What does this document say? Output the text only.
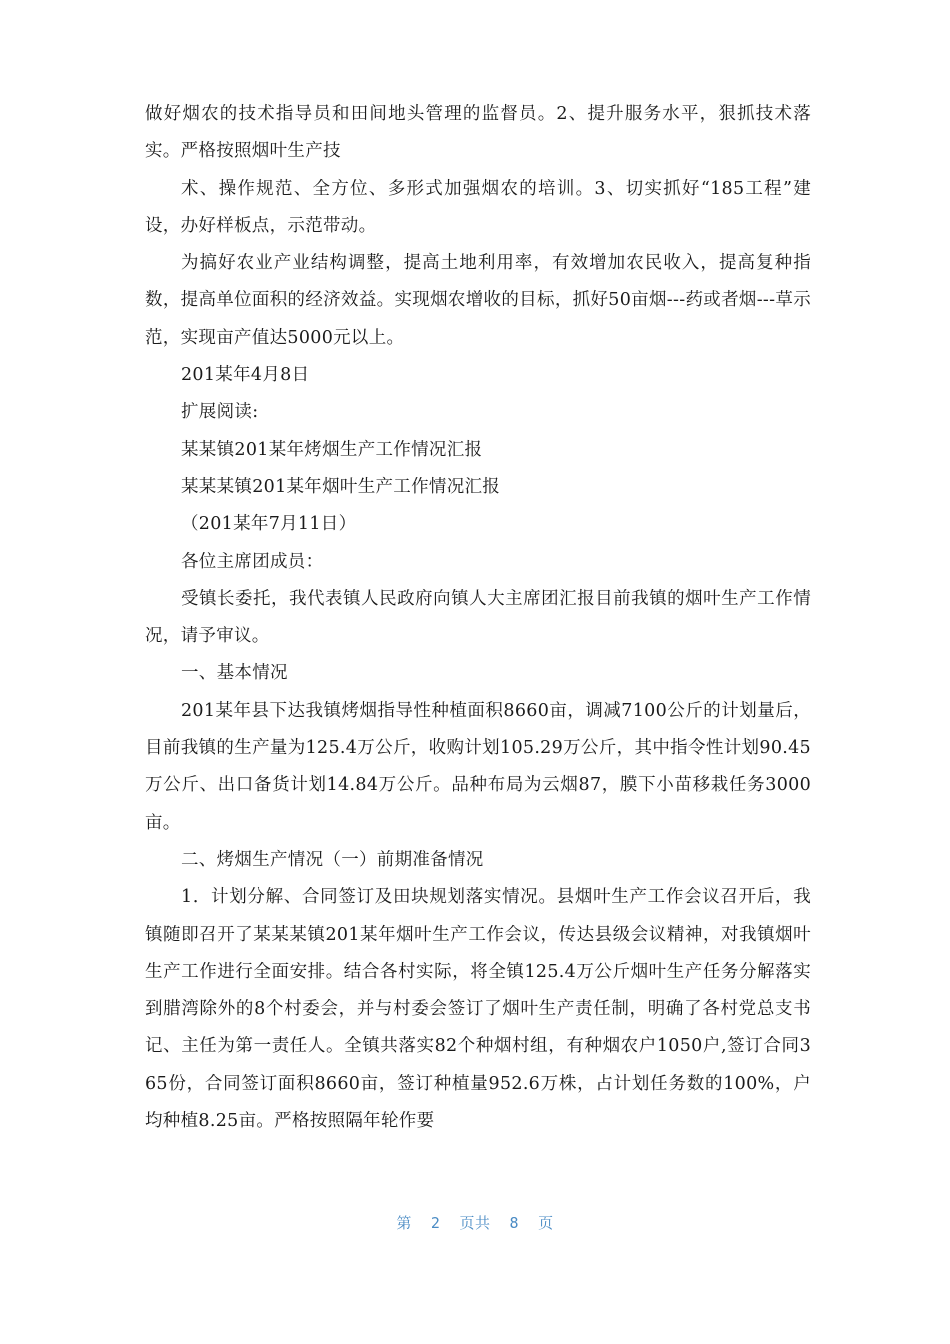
做好烟农的技术指导员和田间地头管理的监督员。2、提升服务水平，狠抓技术落实。严格按照烟叶生产技

术、操作规范、全方位、多形式加强烟农的培训。3、切实抓好“185工程”建设，办好样板点，示范带动。

为搞好农业产业结构调整，提高土地利用率，有效增加农民收入，提高复种指数，提高单位面积的经济效益。实现烟农增收的目标，抓好50亩烟---药或者烟---草示范，实现亩产值达5000元以上。

201某年4月8日

扩展阅读:

某某镇201某年烤烟生产工作情况汇报

某某某镇201某年烟叶生产工作情况汇报

（201某年7月11日）

各位主席团成员：

受镇长委托，我代表镇人民政府向镇人大主席团汇报目前我镇的烟叶生产工作情况，请予审议。

一、基本情况

201某年县下达我镇烤烟指导性种植面积8660亩，调减7100公斤的计划量后，目前我镇的生产量为125.4万公斤，收购计划105.29万公斤，其中指令性计划90.45万公斤、出口备货计划14.84万公斤。品种布局为云烟87，膜下小苗移栽任务3000亩。

二、烤烟生产情况（一）前期准备情况

1．计划分解、合同签订及田块规划落实情况。县烟叶生产工作会议召开后，我镇随即召开了某某某镇201某年烟叶生产工作会议，传达县级会议精神，对我镇烟叶生产工作进行全面安排。结合各村实际，将全镇125.4万公斤烟叶生产任务分解落实到腊湾除外的8个村委会，并与村委会签订了烟叶生产责任制，明确了各村党总支书记、主任为第一责任人。全镇共落实82个种烟村组，有种烟农户1050户,签订合同365份，合同签订面积8660亩，签订种植量952.6万株，占计划任务数的100%，户均种植8.25亩。严格按照隔年轮作要

第  2  页共  8  页
